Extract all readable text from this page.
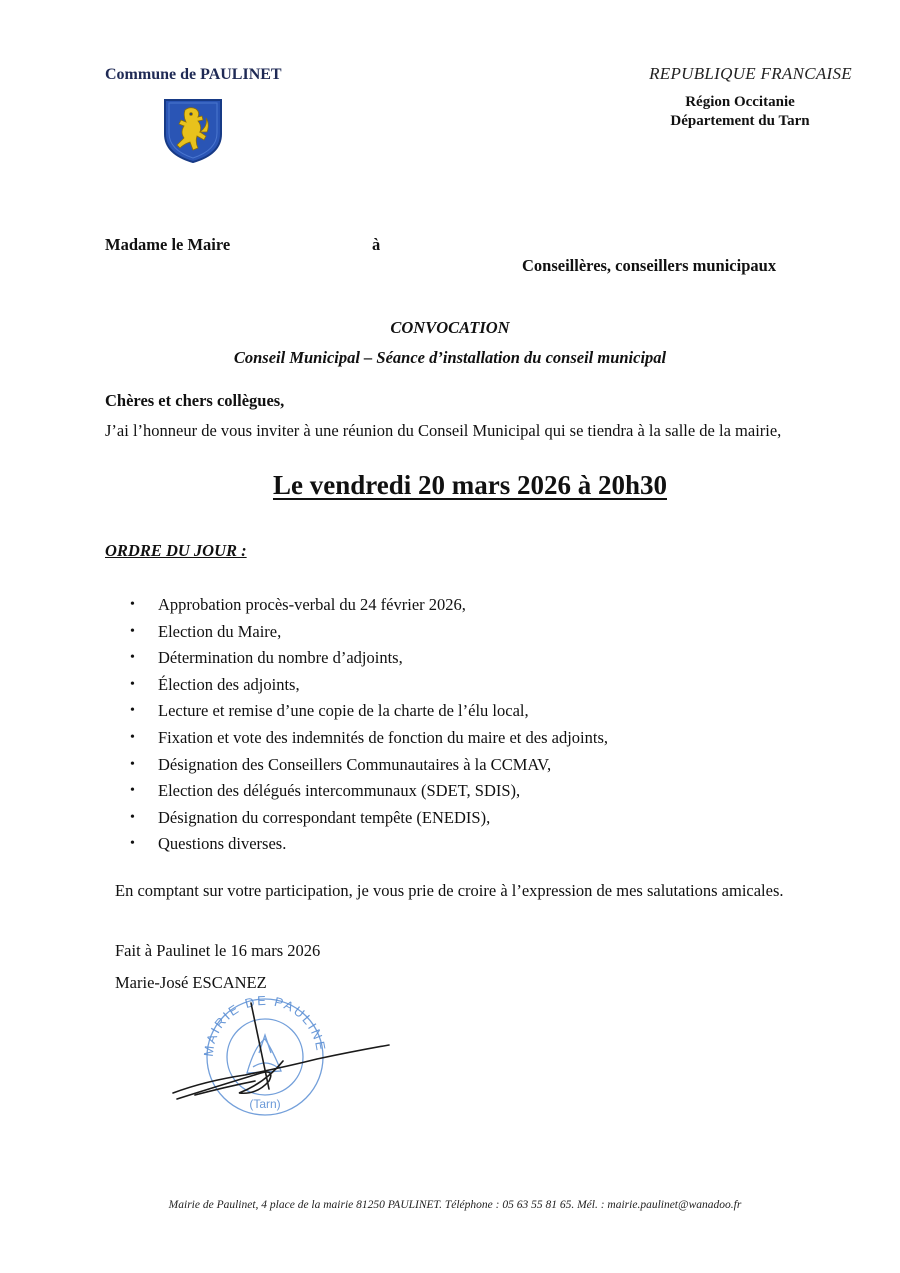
Commune de PAULINET	REPUBLIQUE FRANCAISE
Région Occitanie
Département du Tarn
Madame le Maire	à
Conseillères, conseillers municipaux
CONVOCATION
Conseil Municipal – Séance d’installation du conseil municipal
Chères et chers collègues,
J’ai l’honneur de vous inviter à une réunion du Conseil Municipal qui se tiendra à la salle de la mairie,
Le vendredi 20 mars 2026 à 20h30
ORDRE DU JOUR :
• Approbation procès-verbal du 24 février 2026,
• Election du Maire,
• Détermination du nombre d’adjoints,
• Élection des adjoints,
• Lecture et remise d’une copie de la charte de l’élu local,
• Fixation et vote des indemnités de fonction du maire et des adjoints,
• Désignation des Conseillers Communautaires à la CCMAV,
• Election des délégués intercommunaux (SDET, SDIS),
• Désignation du correspondant tempête (ENEDIS),
• Questions diverses.
En comptant sur votre participation, je vous prie de croire à l’expression de mes salutations amicales.
Fait à Paulinet le 16 mars 2026
Marie-José ESCANEZ
MAIRIE DE PAULINE
(Tarn)
Mairie de Paulinet, 4 place de la mairie 81250 PAULINET. Téléphone : 05 63 55 81 65. Mél. : mairie.paulinet@wanadoo.fr
